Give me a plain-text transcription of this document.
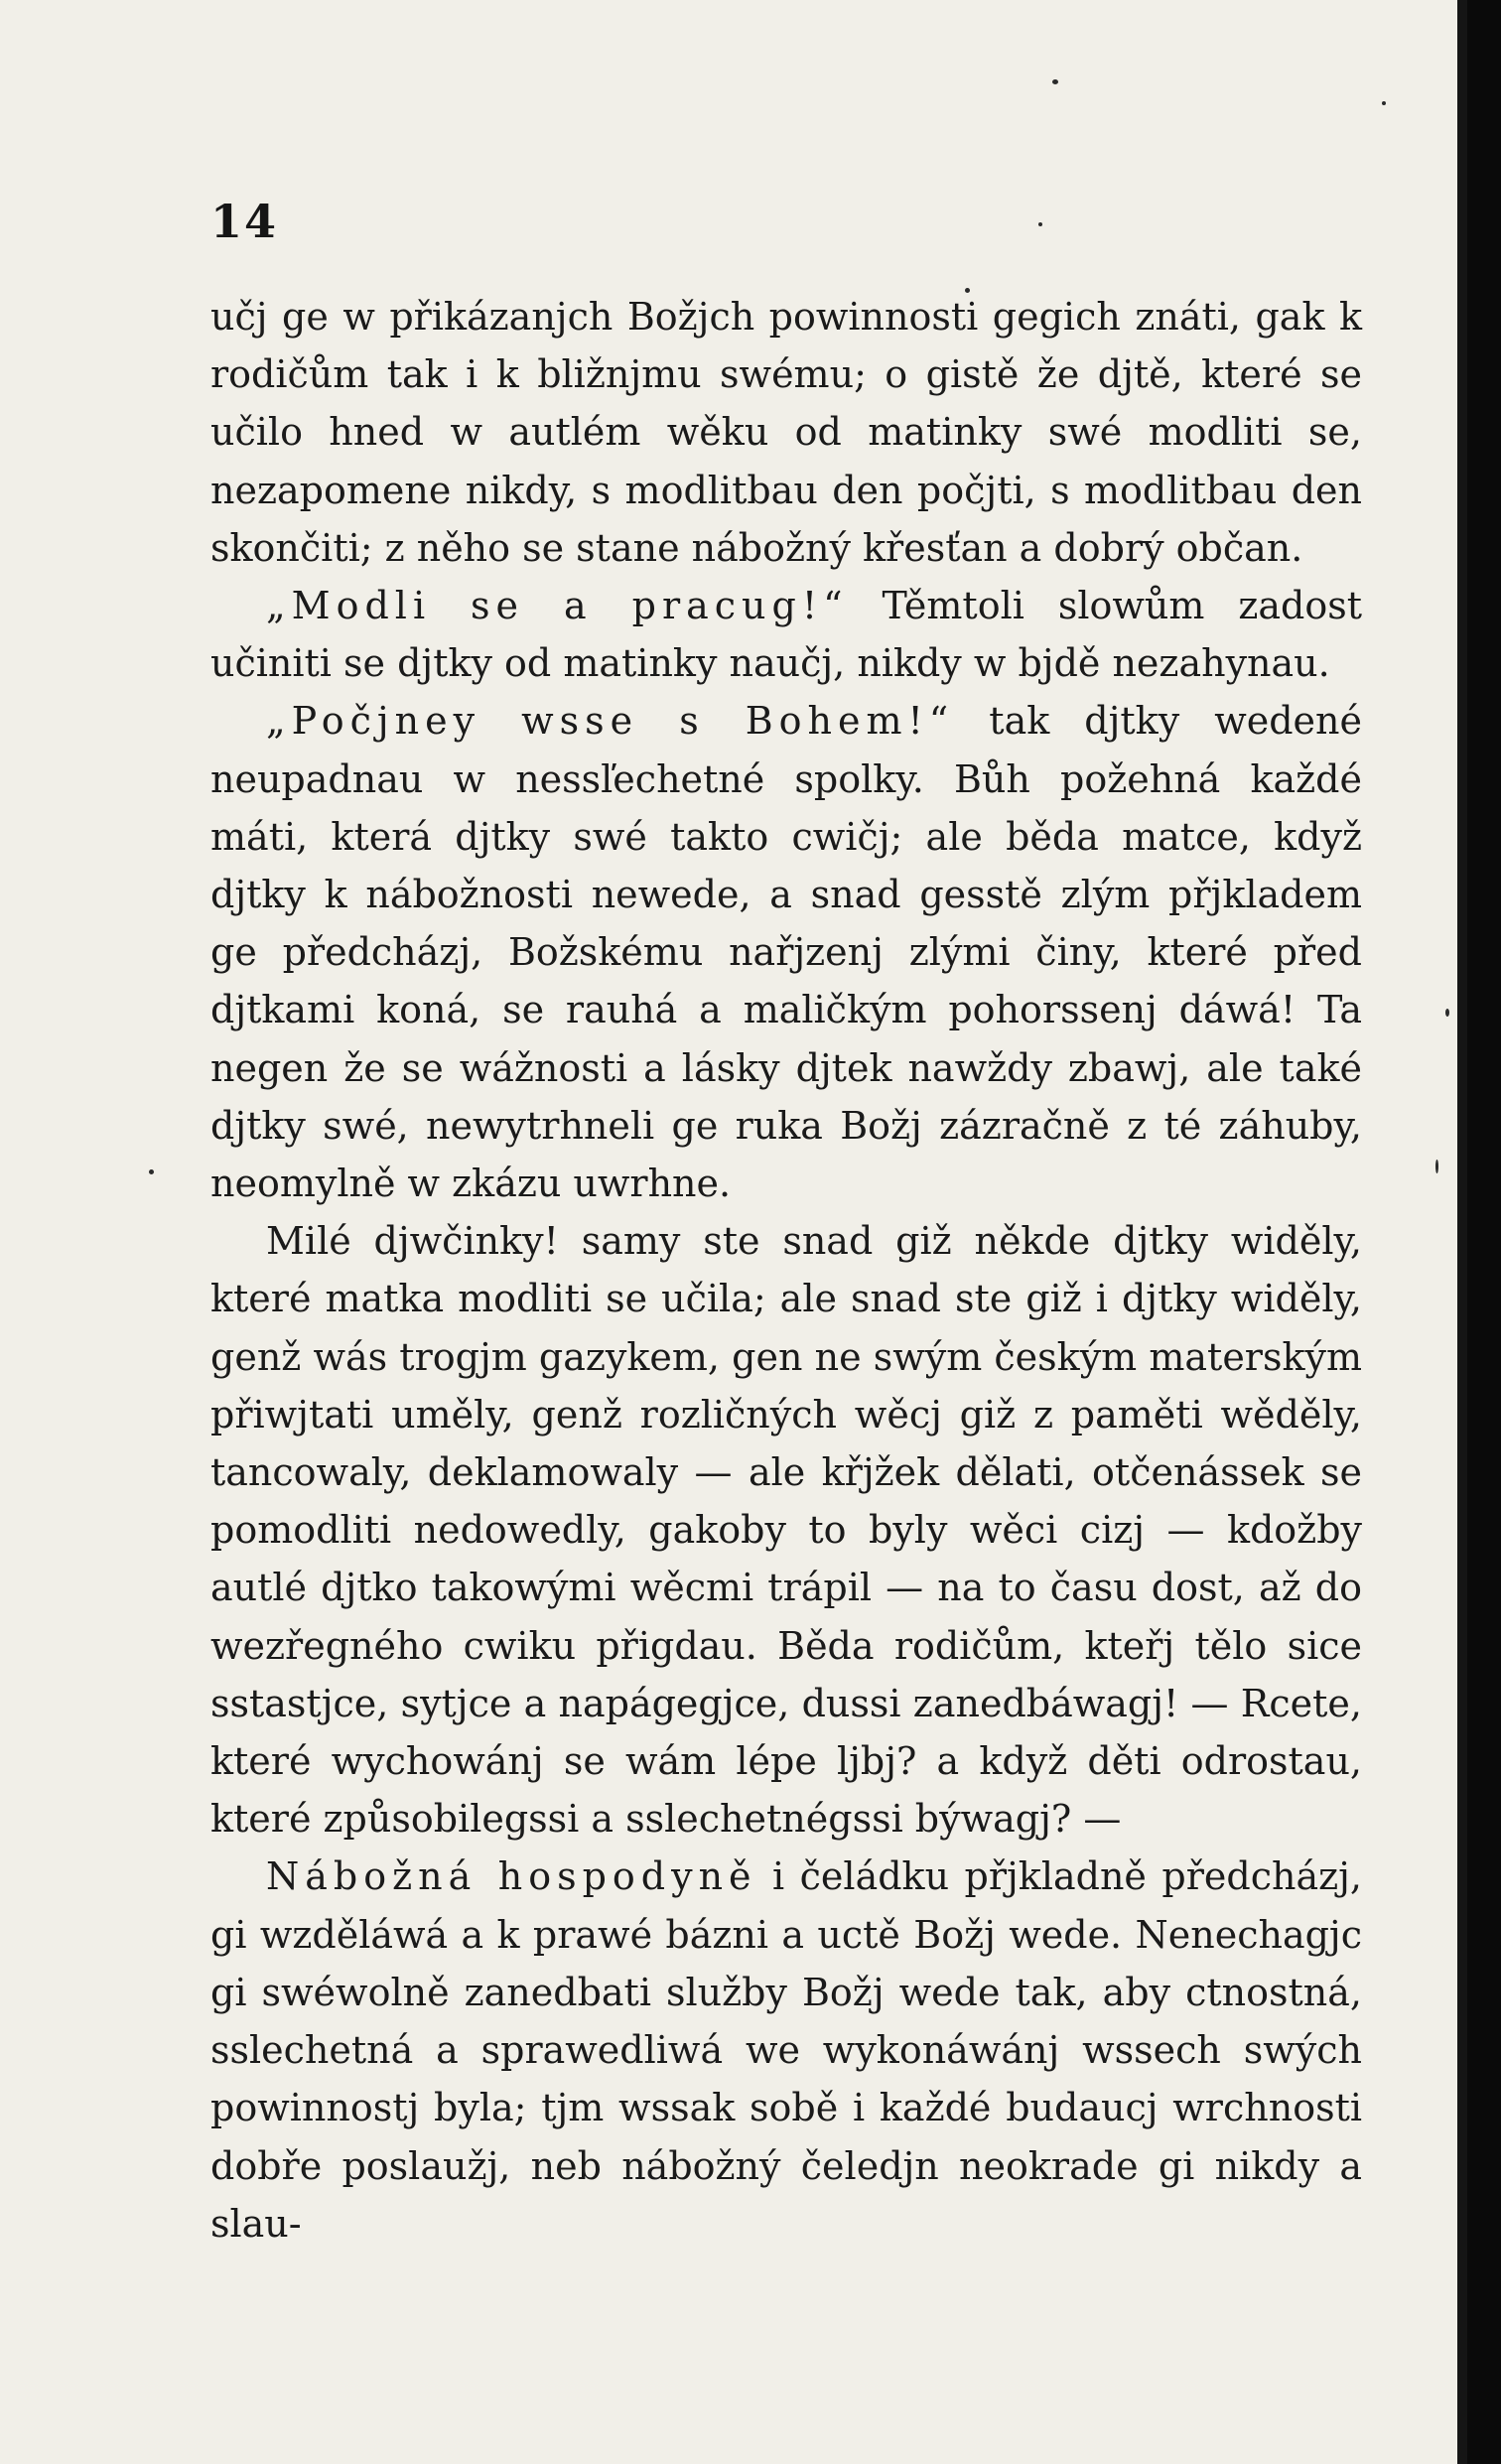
14

učj ge w přikázanjch Božjch powinnosti gegich znáti, gak k rodičům tak i k bližnjmu swému; o gistě že djtě, které se učilo hned w autlém wěku od matinky swé modliti se, nezapomene nikdy, s modlitbau den počjti, s modlitbau den skončiti; z něho se stane nábožný křesťan a dobrý občan.

„Modli se a pracug!“ Těmtoli slowům zadost učiniti se djtky od matinky naučj, nikdy w bjdě nezahynau.

„Počjney wsse s Bohem!“ tak djtky wedené neupadnau w nessľechetné spolky. Bůh požehná každé máti, která djtky swé takto cwičj; ale běda matce, když djtky k nábožnosti newede, a snad gesstě zlým přjkladem ge předcházj, Božskému nařjzenj zlými činy, které před djtkami koná, se rauhá a maličkým pohorssenj dáwá! Ta negen že se wážnosti a lásky djtek nawždy zbawj, ale také djtky swé, newytrhneli ge ruka Božj zázračně z té záhuby, neomylně w zkázu uwrhne.

Milé djwčinky! samy ste snad giž někde djtky widěly, které matka modliti se učila; ale snad ste giž i djtky widěly, genž wás trogjm gazykem, gen ne swým českým materským přiwjtati uměly, genž rozličných wěcj giž z paměti wěděly, tancowaly, deklamowaly — ale křjžek dělati, otčenássek se pomodliti nedowedly, gakoby to byly wěci cizj — kdožby autlé djtko takowými wěcmi trápil — na to času dost, až do wezřegného cwiku přigdau. Běda rodičům, kteřj tělo sice sstastjce, sytjce a napágegjce, dussi zanedbáwagj! — Rcete, které wychowánj se wám lépe ljbj? a když děti odrostau, které způsobilegssi a sslechetnégssi býwagj? —

Nábožná hospodyně i čeládku přjkladně předcházj, gi wzděláwá a k prawé bázni a uctě Božj wede. Nenechagjc gi swéwolně zanedbati služby Božj wede tak, aby ctnostná, sslechetná a sprawedliwá we wykonáwánj wssech swých powinnostj byla; tjm wssak sobě i každé budaucj wrchnosti dobře poslaužj, neb nábožný čeledjn neokrade gi nikdy a slau-
